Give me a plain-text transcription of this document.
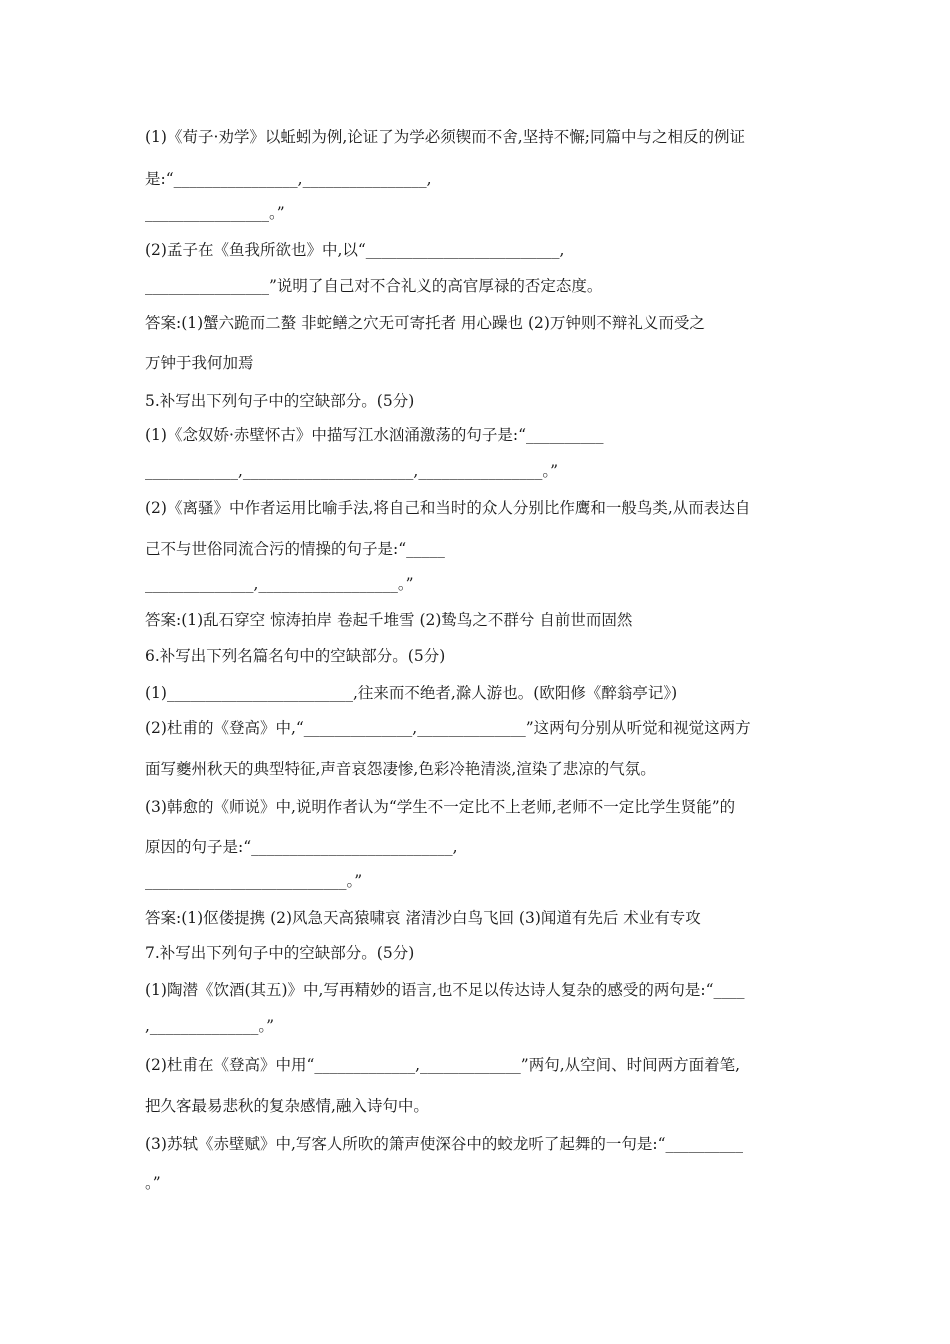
(1)《荀子·劝学》以蚯蚓为例,论证了为学必须锲而不舍,坚持不懈;同篇中与之相反的例证
是:“________________,________________,
________________。”
(2)孟子在《鱼我所欲也》中,以“_________________________,
________________”说明了自己对不合礼义的高官厚禄的否定态度。
答案:(1)蟹六跪而二螯 非蛇鳝之穴无可寄托者 用心躁也 (2)万钟则不辩礼义而受之
万钟于我何加焉
5.补写出下列句子中的空缺部分。(5分)
(1)《念奴娇·赤壁怀古》中描写江水汹涌激荡的句子是:“__________
____________,______________________,________________。”
(2)《离骚》中作者运用比喻手法,将自己和当时的众人分别比作鹰和一般鸟类,从而表达自
己不与世俗同流合污的情操的句子是:“_____
______________,__________________。”
答案:(1)乱石穿空 惊涛拍岸 卷起千堆雪 (2)鸷鸟之不群兮 自前世而固然
6.补写出下列名篇名句中的空缺部分。(5分)
(1)________________________,往来而不绝者,滁人游也。(欧阳修《醉翁亭记》)
(2)杜甫的《登高》中,“______________,______________”这两句分别从听觉和视觉这两方
面写夔州秋天的典型特征,声音哀怨凄惨,色彩冷艳清淡,渲染了悲凉的气氛。
(3)韩愈的《师说》中,说明作者认为“学生不一定比不上老师,老师不一定比学生贤能”的
原因的句子是:“__________________________,
__________________________。”
答案:(1)伛偻提携 (2)风急天高猿啸哀 渚清沙白鸟飞回 (3)闻道有先后 术业有专攻
7.补写出下列句子中的空缺部分。(5分)
(1)陶潜《饮酒(其五)》中,写再精妙的语言,也不足以传达诗人复杂的感受的两句是:“____
,______________。”
(2)杜甫在《登高》中用“_____________,_____________”两句,从空间、时间两方面着笔,
把久客最易悲秋的复杂感情,融入诗句中。
(3)苏轼《赤壁赋》中,写客人所吹的箫声使深谷中的蛟龙听了起舞的一句是:“__________
。”
